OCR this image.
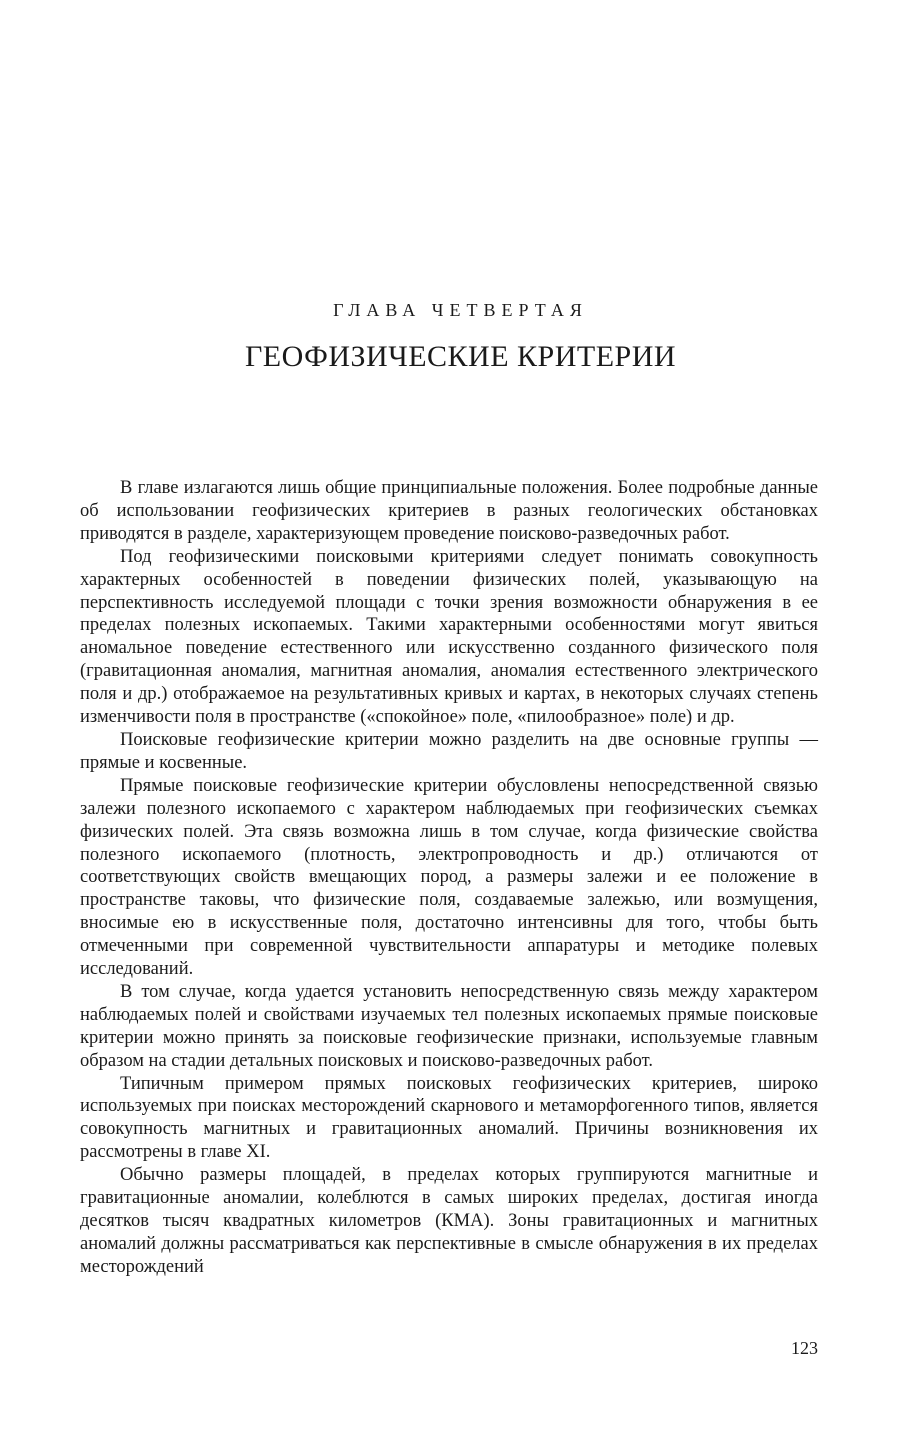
ГЛАВА ЧЕТВЕРТАЯ
ГЕОФИЗИЧЕСКИЕ КРИТЕРИИ

В главе излагаются лишь общие принципиальные положения. Более подробные данные об использовании геофизических критериев в разных геологических обстановках приводятся в разделе, характеризующем проведение поисково-разведочных работ.

Под геофизическими поисковыми критериями следует понимать совокупность характерных особенностей в поведении физических полей, указывающую на перспективность исследуемой площади с точки зрения возможности обнаружения в ее пределах полезных ископаемых. Такими характерными особенностями могут явиться аномальное поведение естественного или искусственно созданного физического поля (гравитационная аномалия, магнитная аномалия, аномалия естественного электрического поля и др.) отображаемое на результативных кривых и картах, в некоторых случаях степень изменчивости поля в пространстве («спокойное» поле, «пилообразное» поле) и др.

Поисковые геофизические критерии можно разделить на две основные группы — прямые и косвенные.

Прямые поисковые геофизические критерии обусловлены непосредственной связью залежи полезного ископаемого с характером наблюдаемых при геофизических съемках физических полей. Эта связь возможна лишь в том случае, когда физические свойства полезного ископаемого (плотность, электропроводность и др.) отличаются от соответствующих свойств вмещающих пород, а размеры залежи и ее положение в пространстве таковы, что физические поля, создаваемые залежью, или возмущения, вносимые ею в искусственные поля, достаточно интенсивны для того, чтобы быть отмеченными при современной чувствительности аппаратуры и методике полевых исследований.

В том случае, когда удается установить непосредственную связь между характером наблюдаемых полей и свойствами изучаемых тел полезных ископаемых прямые поисковые критерии можно принять за поисковые геофизические признаки, используемые главным образом на стадии детальных поисковых и поисково-разведочных работ.

Типичным примером прямых поисковых геофизических критериев, широко используемых при поисках месторождений скарнового и метаморфогенного типов, является совокупность магнитных и гравитационных аномалий. Причины возникновения их рассмотрены в главе XI.

Обычно размеры площадей, в пределах которых группируются магнитные и гравитационные аномалии, колеблются в самых широких пределах, достигая иногда десятков тысяч квадратных километров (КМА). Зоны гравитационных и магнитных аномалий должны рассматриваться как перспективные в смысле обнаружения в их пределах месторождений

123
